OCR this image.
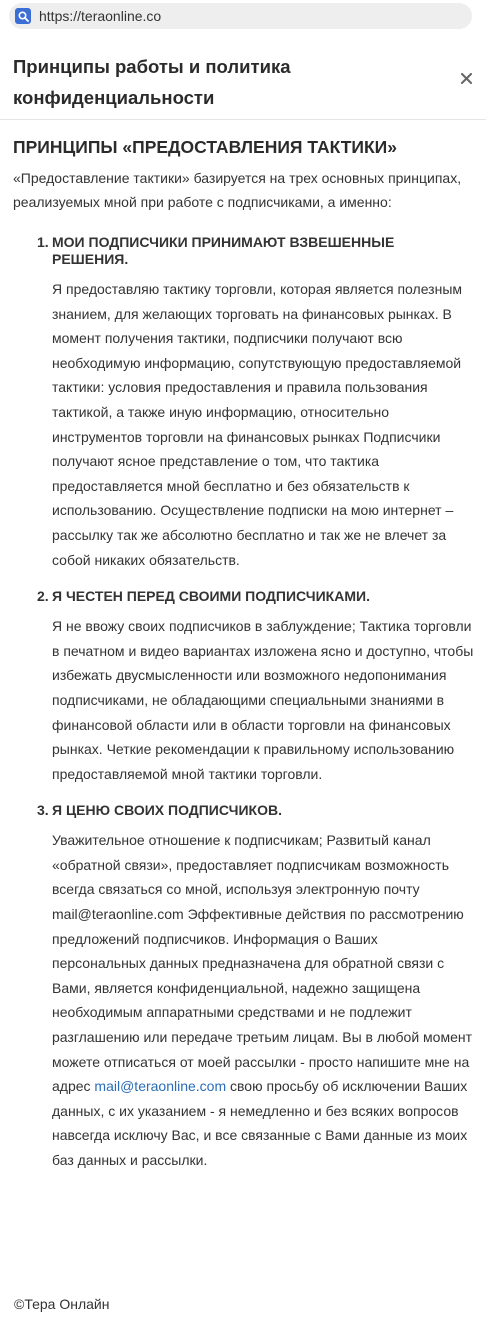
https://teraonline.co
Принципы работы и политика конфиденциальности
ПРИНЦИПЫ «ПРЕДОСТАВЛЕНИЯ ТАКТИКИ»

«Предоставление тактики» базируется на трех основных принципах, реализуемых мной при работе с подписчиками, а именно:

1. МОИ ПОДПИСЧИКИ ПРИНИМАЮТ ВЗВЕШЕННЫЕ РЕШЕНИЯ.

Я предоставляю тактику торговли, которая является полезным знанием, для желающих торговать на финансовых рынках. В момент получения тактики, подписчики получают всю необходимую информацию, сопутствующую предоставляемой тактики: условия предоставления и правила пользования тактикой, а также иную информацию, относительно инструментов торговли на финансовых рынках Подписчики получают ясное представление о том, что тактика предоставляется мной бесплатно и без обязательств к использованию. Осуществление подписки на мою интернет – рассылку так же абсолютно бесплатно и так же не влечет за собой никаких обязательств.

2. Я ЧЕСТЕН ПЕРЕД СВОИМИ ПОДПИСЧИКАМИ.

Я не ввожу своих подписчиков в заблуждение; Тактика торговли в печатном и видео вариантах изложена ясно и доступно, чтобы избежать двусмысленности или возможного недопонимания подписчиками, не обладающими специальными знаниями в финансовой области или в области торговли на финансовых рынках. Четкие рекомендации к правильному использованию предоставляемой мной тактики торговли.

3. Я ЦЕНЮ СВОИХ ПОДПИСЧИКОВ.

Уважительное отношение к подписчикам; Развитый канал «обратной связи», предоставляет подписчикам возможность всегда связаться со мной, используя электронную почту mail@teraonline.com Эффективные действия по рассмотрению предложений подписчиков. Информация о Ваших персональных данных предназначена для обратной связи с Вами, является конфиденциальной, надежно защищена необходимым аппаратными средствами и не подлежит разглашению или передаче третьим лицам. Вы в любой момент можете отписаться от моей рассылки - просто напишите мне на адрес mail@teraonline.com свою просьбу об исключении Ваших данных, с их указанием - я немедленно и без всяких вопросов навсегда исключу Вас, и все связанные с Вами данные из моих баз данных и рассылки.

©Тера Онлайн
